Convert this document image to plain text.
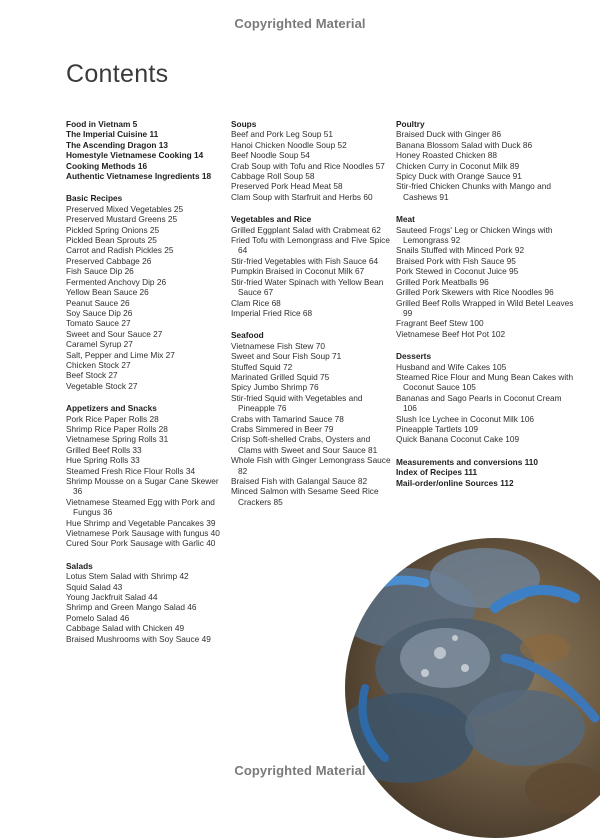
Copyrighted Material
Contents
Food in Vietnam 5
The Imperial Cuisine 11
The Ascending Dragon 13
Homestyle Vietnamese Cooking 14
Cooking Methods 16
Authentic Vietnamese Ingredients 18
Basic Recipes
Preserved Mixed Vegetables 25
Preserved Mustard Greens 25
Pickled Spring Onions 25
Pickled Bean Sprouts 25
Carrot and Radish Pickles 25
Preserved Cabbage 26
Fish Sauce Dip 26
Fermented Anchovy Dip 26
Yellow Bean Sauce 26
Peanut Sauce 26
Soy Sauce Dip 26
Tomato Sauce 27
Sweet and Sour Sauce 27
Caramel Syrup 27
Salt, Pepper and Lime Mix 27
Chicken Stock 27
Beef Stock 27
Vegetable Stock 27
Appetizers and Snacks
Pork Rice Paper Rolls 28
Shrimp Rice Paper Rolls 28
Vietnamese Spring Rolls 31
Grilled Beef Rolls 33
Hue Spring Rolls 33
Steamed Fresh Rice Flour Rolls 34
Shrimp Mousse on a Sugar Cane Skewer 36
Vietnamese Steamed Egg with Pork and Fungus 36
Hue Shrimp and Vegetable Pancakes 39
Vietnamese Pork Sausage with fungus 40
Cured Sour Pork Sausage with Garlic 40
Salads
Lotus Stem Salad with Shrimp 42
Squid Salad 43
Young Jackfruit Salad 44
Shrimp and Green Mango Salad 46
Pomelo Salad 46
Cabbage Salad with Chicken 49
Braised Mushrooms with Soy Sauce 49
Soups
Beef and Pork Leg Soup 51
Hanoi Chicken Noodle Soup 52
Beef Noodle Soup 54
Crab Soup with Tofu and Rice Noodles 57
Cabbage Roll Soup 58
Preserved Pork Head Meat 58
Clam Soup with Starfruit and Herbs 60
Vegetables and Rice
Grilled Eggplant Salad with Crabmeat 62
Fried Tofu with Lemongrass and Five Spice 64
Stir-fried Vegetables with Fish Sauce 64
Pumpkin Braised in Coconut Milk 67
Stir-fried Water Spinach with Yellow Bean Sauce 67
Clam Rice 68
Imperial Fried Rice 68
Seafood
Vietnamese Fish Stew 70
Sweet and Sour Fish Soup 71
Stuffed Squid 72
Marinated Grilled Squid 75
Spicy Jumbo Shrimp 76
Stir-fried Squid with Vegetables and Pineapple 76
Crabs with Tamarind Sauce 78
Crabs Simmered in Beer 79
Crisp Soft-shelled Crabs, Oysters and Clams with Sweet and Sour Sauce 81
Whole Fish with Ginger Lemongrass Sauce 82
Braised Fish with Galangal Sauce 82
Minced Salmon with Sesame Seed Rice Crackers 85
Poultry
Braised Duck with Ginger 86
Banana Blossom Salad with Duck 86
Honey Roasted Chicken 88
Chicken Curry in Coconut Milk 89
Spicy Duck with Orange Sauce 91
Stir-fried Chicken Chunks with Mango and Cashews 91
Meat
Sauteed Frogs' Leg or Chicken Wings with Lemongrass 92
Snails Stuffed with Minced Pork 92
Braised Pork with Fish Sauce 95
Pork Stewed in Coconut Juice 95
Grilled Pork Meatballs 96
Grilled Pork Skewers with Rice Noodles 96
Grilled Beef Rolls Wrapped in Wild Betel Leaves 99
Fragrant Beef Stew 100
Vietnamese Beef Hot Pot 102
Desserts
Husband and Wife Cakes 105
Steamed Rice Flour and Mung Bean Cakes with Coconut Sauce 105
Bananas and Sago Pearls in Coconut Cream 106
Slush Ice Lychee in Coconut Milk 106
Pineapple Tartlets 109
Quick Banana Coconut Cake 109
Measurements and conversions 110
Index of Recipes 111
Mail-order/online Sources 112
Copyrighted Material
